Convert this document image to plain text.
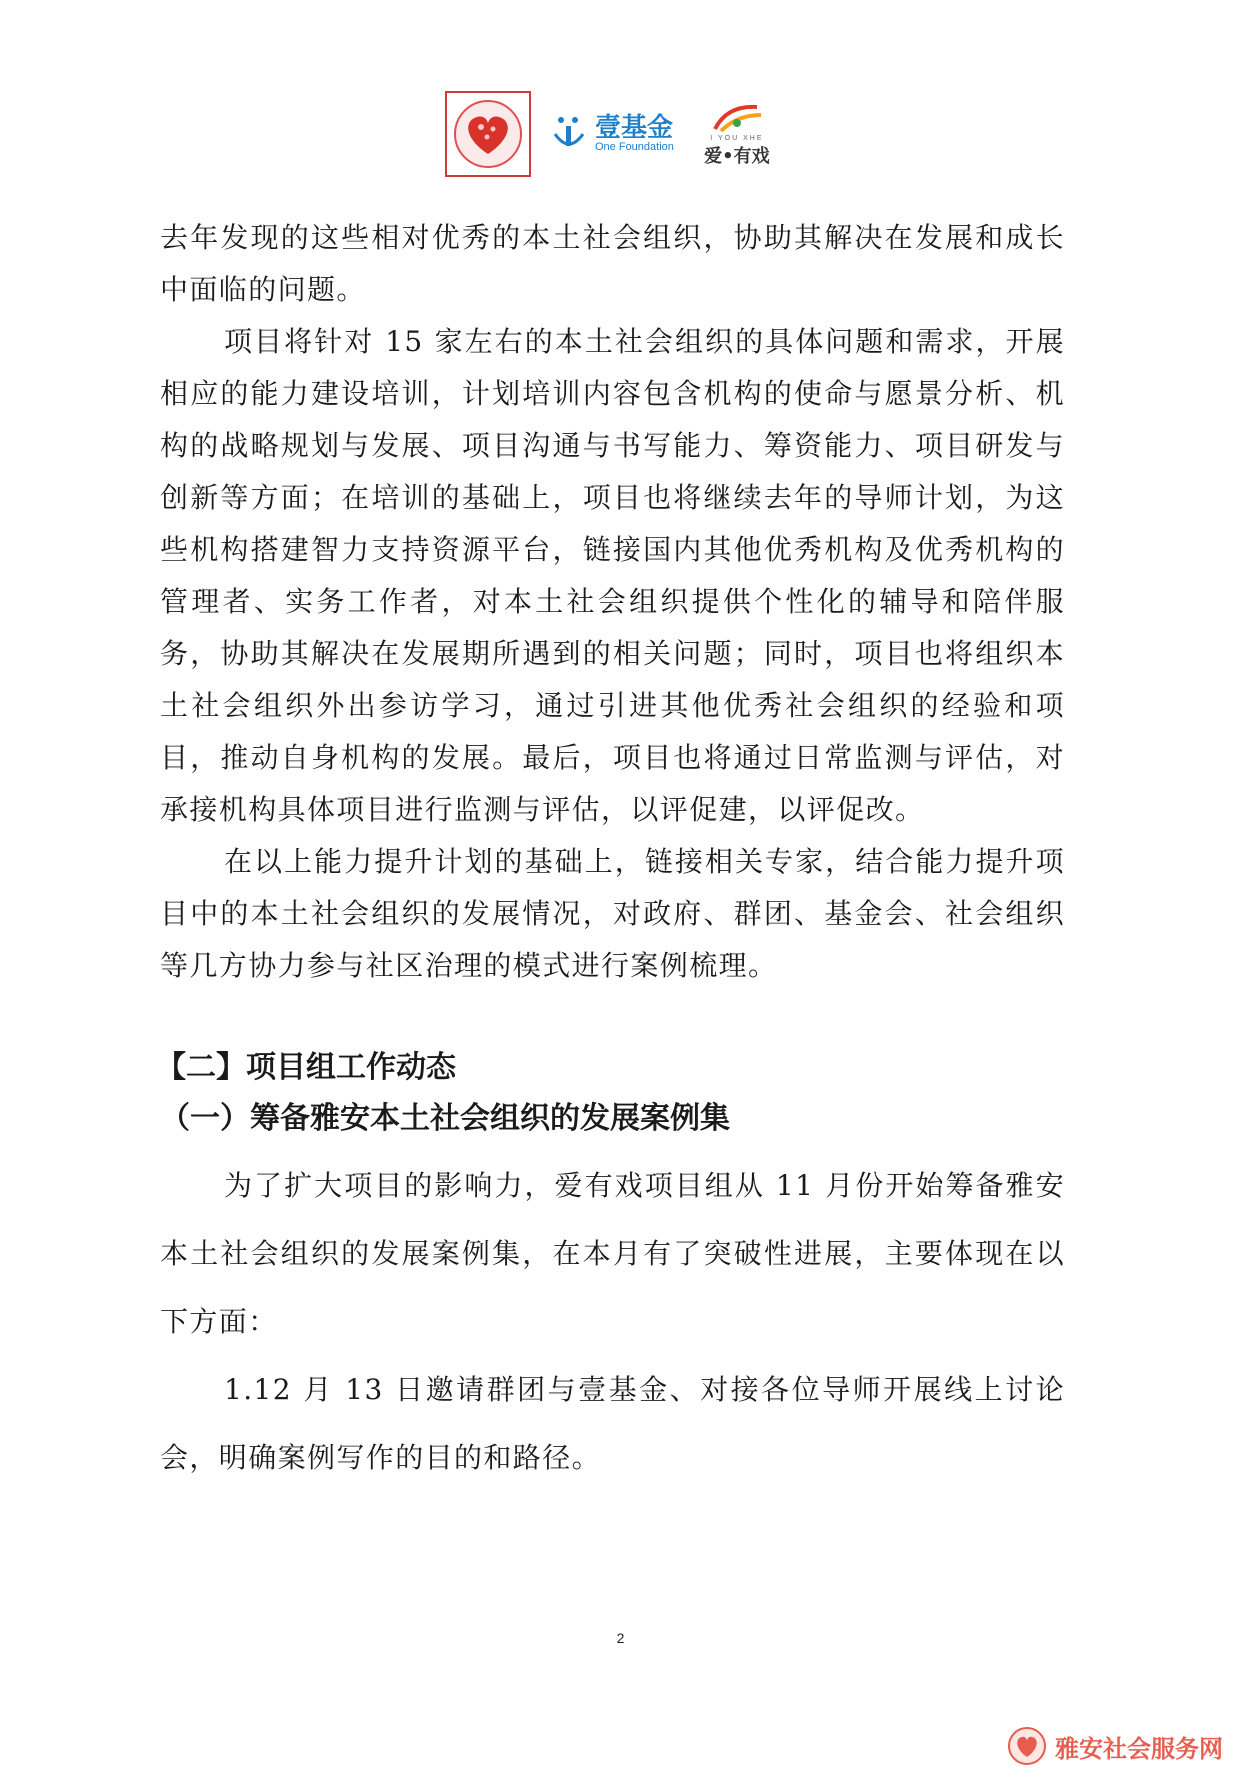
壹基金
One Foundation
I YOU XHE
爱•有戏

去年发现的这些相对优秀的本土社会组织，协助其解决在发展和成长中面临的问题。

项目将针对 15 家左右的本土社会组织的具体问题和需求，开展相应的能力建设培训，计划培训内容包含机构的使命与愿景分析、机构的战略规划与发展、项目沟通与书写能力、筹资能力、项目研发与创新等方面；在培训的基础上，项目也将继续去年的导师计划，为这些机构搭建智力支持资源平台，链接国内其他优秀机构及优秀机构的管理者、实务工作者，对本土社会组织提供个性化的辅导和陪伴服务，协助其解决在发展期所遇到的相关问题；同时，项目也将组织本土社会组织外出参访学习，通过引进其他优秀社会组织的经验和项目，推动自身机构的发展。最后，项目也将通过日常监测与评估，对承接机构具体项目进行监测与评估，以评促建，以评促改。

在以上能力提升计划的基础上，链接相关专家，结合能力提升项目中的本土社会组织的发展情况，对政府、群团、基金会、社会组织等几方协力参与社区治理的模式进行案例梳理。

【二】项目组工作动态
（一）筹备雅安本土社会组织的发展案例集

为了扩大项目的影响力，爱有戏项目组从 11 月份开始筹备雅安本土社会组织的发展案例集，在本月有了突破性进展，主要体现在以下方面：

1.12 月 13 日邀请群团与壹基金、对接各位导师开展线上讨论会，明确案例写作的目的和路径。

2
雅安社会服务网
